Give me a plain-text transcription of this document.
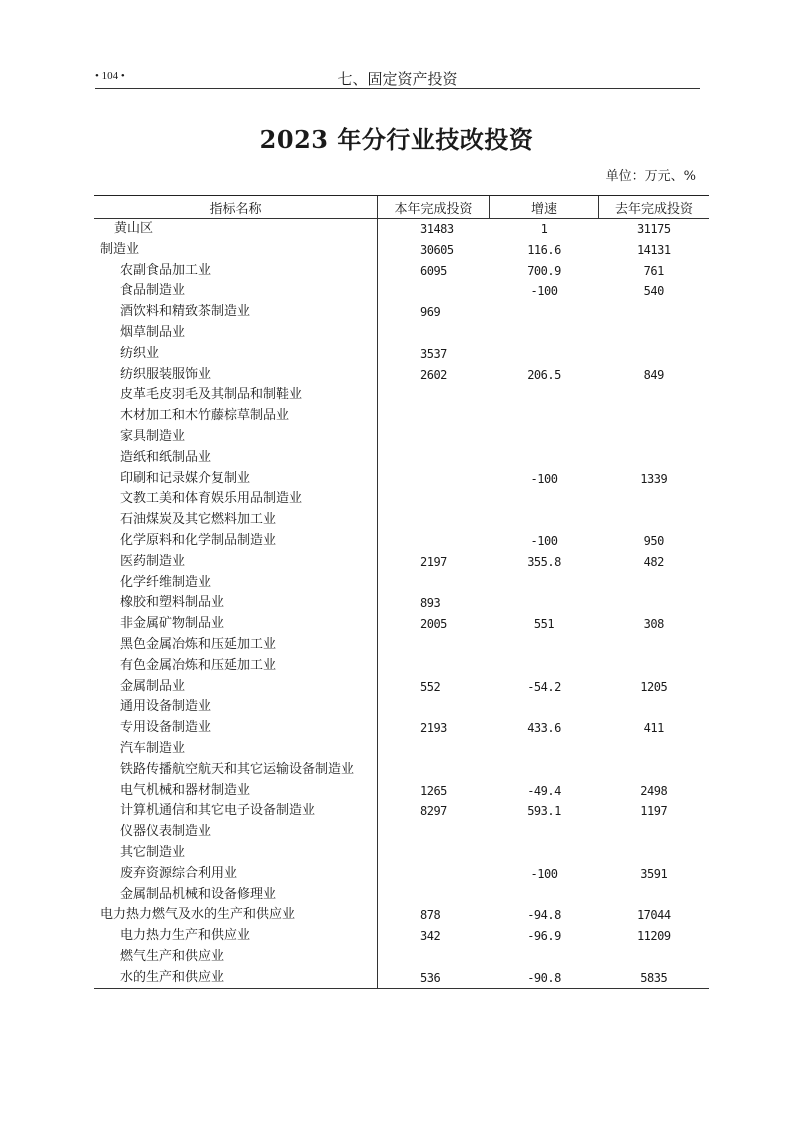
• 104 •	七、固定资产投资
2023 年分行业技改投资
单位：万元、%
指标名称	本年完成投资	增速	去年完成投资
黄山区	31483	1	31175
制造业	30605	116.6	14131
农副食品加工业	6095	700.9	761
食品制造业		-100	540
酒饮料和精致茶制造业	969		
烟草制品业			
纺织业	3537		
纺织服装服饰业	2602	206.5	849
皮革毛皮羽毛及其制品和制鞋业			
木材加工和木竹藤棕草制品业			
家具制造业			
造纸和纸制品业			
印刷和记录媒介复制业		-100	1339
文教工美和体育娱乐用品制造业			
石油煤炭及其它燃料加工业			
化学原料和化学制品制造业		-100	950
医药制造业	2197	355.8	482
化学纤维制造业			
橡胶和塑料制品业	893		
非金属矿物制品业	2005	551	308
黑色金属冶炼和压延加工业			
有色金属冶炼和压延加工业			
金属制品业	552	-54.2	1205
通用设备制造业			
专用设备制造业	2193	433.6	411
汽车制造业			
铁路传播航空航天和其它运输设备制造业			
电气机械和器材制造业	1265	-49.4	2498
计算机通信和其它电子设备制造业	8297	593.1	1197
仪器仪表制造业			
其它制造业			
废弃资源综合利用业		-100	3591
金属制品机械和设备修理业			
电力热力燃气及水的生产和供应业	878	-94.8	17044
电力热力生产和供应业	342	-96.9	11209
燃气生产和供应业			
水的生产和供应业	536	-90.8	5835
